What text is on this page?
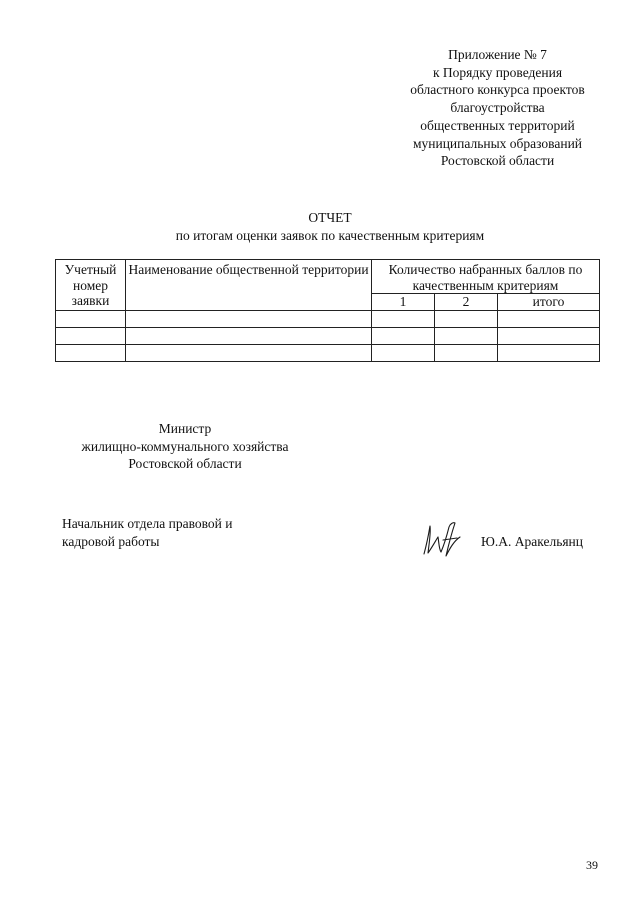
Приложение № 7
к Порядку проведения
областного конкурса проектов
благоустройства
общественных территорий
муниципальных образований
Ростовской области
ОТЧЕТ
по итогам оценки заявок по качественным критериям
Учетный
номер
заявки	Наименование общественной территории	Количество набранных баллов по качественным критериям		
		1	2	итого

Министр
жилищно-коммунального хозяйства
Ростовской области
Начальник отдела правовой и
кадровой работы	Ю.А. Аракельянц
39
